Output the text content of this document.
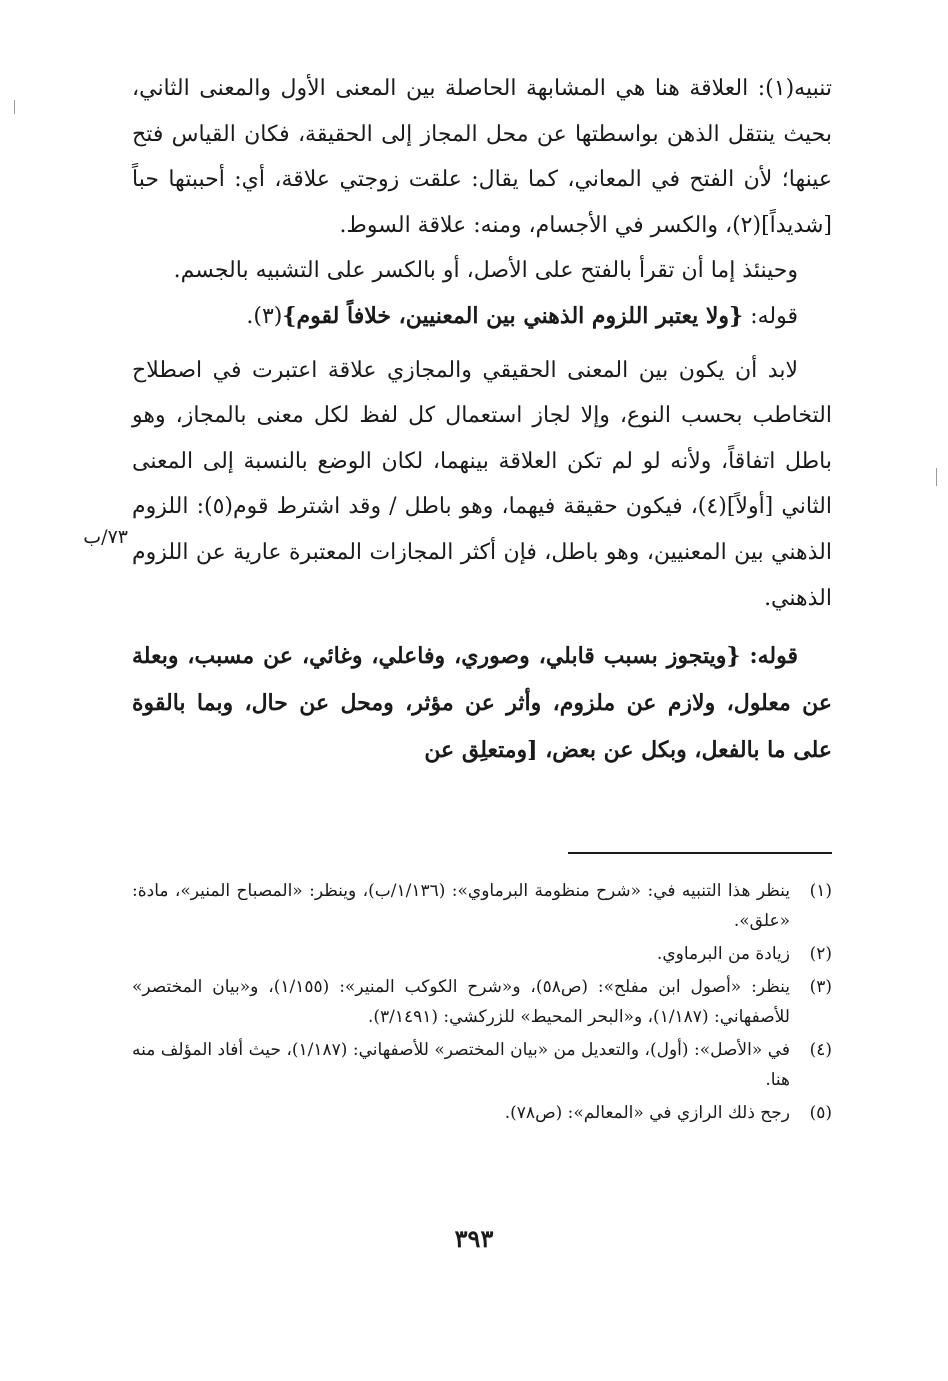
تنبيه(١): العلاقة هنا هي المشابهة الحاصلة بين المعنى الأول والمعنى الثاني، بحيث ينتقل الذهن بواسطتها عن محل المجاز إلى الحقيقة، فكان القياس فتح عينها؛ لأن الفتح في المعاني، كما يقال: علقت زوجتي علاقة، أي: أحببتها حباً [شديداً](٢)، والكسر في الأجسام، ومنه: علاقة السوط.

وحينئذ إما أن تقرأ بالفتح على الأصل، أو بالكسر على التشبيه بالجسم.

قوله: {ولا يعتبر اللزوم الذهني بين المعنيين، خلافاً لقوم}(٣).

لابد أن يكون بين المعنى الحقيقي والمجازي علاقة اعتبرت في اصطلاح التخاطب بحسب النوع، وإلا لجاز استعمال كل لفظ لكل معنى بالمجاز، وهو باطل اتفاقاً، ولأنه لو لم تكن العلاقة بينهما، لكان الوضع بالنسبة إلى المعنى الثاني [أولاً](٤)، فيكون حقيقة فيهما، وهو باطل / وقد اشترط قوم(٥): اللزوم الذهني بين المعنيين، وهو باطل، فإن أكثر المجازات المعتبرة عارية عن اللزوم الذهني.

قوله: {ويتجوز بسبب قابلي، وصوري، وفاعلي، وغائي، عن مسبب، وبعلة عن معلول، ولازم عن ملزوم، وأثر عن مؤثر، ومحل عن حال، وبما بالقوة على ما بالفعل، وبكل عن بعض، [ومتعلِق عن

٧٣/ب
(١)
ينظر هذا التنبيه في: «شرح منظومة البرماوي»: (١/١٣٦/ب)، وينظر: «المصباح المنير»، مادة: «علق».
(٢)
زيادة من البرماوي.
(٣)
ينظر: «أصول ابن مفلح»: (ص٥٨)، و«شرح الكوكب المنير»: (١/١٥٥)، و«بيان المختصر» للأصفهاني: (١/١٨٧)، و«البحر المحيط» للزركشي: (٣/١٤٩١).
(٤)
في «الأصل»: (أول)، والتعديل من «بيان المختصر» للأصفهاني: (١/١٨٧)، حيث أفاد المؤلف منه هنا.
(٥)
رجح ذلك الرازي في «المعالم»: (ص٧٨).
٣٩٣
